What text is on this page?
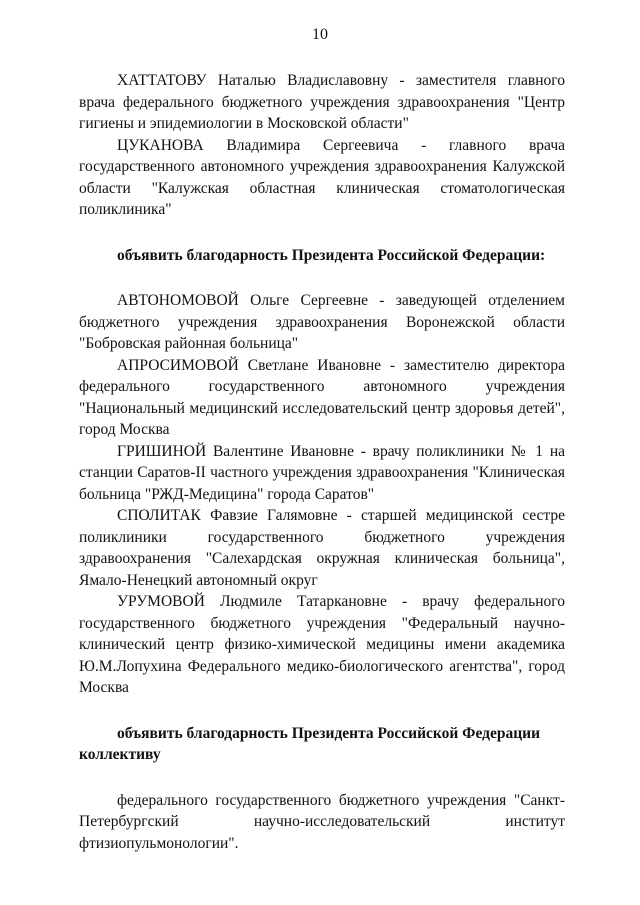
10

ХАТТАТОВУ Наталью Владиславовну - заместителя главного врача федерального бюджетного учреждения здравоохранения "Центр гигиены и эпидемиологии в Московской области"

ЦУКАНОВА Владимира Сергеевича - главного врача государственного автономного учреждения здравоохранения Калужской области "Калужская областная клиническая стоматологическая поликлиника"

объявить благодарность Президента Российской Федерации:

АВТОНОМОВОЙ Ольге Сергеевне - заведующей отделением бюджетного учреждения здравоохранения Воронежской области "Бобровская районная больница"

АПРОСИМОВОЙ Светлане Ивановне - заместителю директора федерального государственного автономного учреждения "Национальный медицинский исследовательский центр здоровья детей", город Москва

ГРИШИНОЙ Валентине Ивановне - врачу поликлиники № 1 на станции Саратов-II частного учреждения здравоохранения "Клиническая больница "РЖД-Медицина" города Саратов"

СПОЛИТАК Фавзие Галямовне - старшей медицинской сестре поликлиники государственного бюджетного учреждения здравоохранения "Салехардская окружная клиническая больница", Ямало-Ненецкий автономный округ

УРУМОВОЙ Людмиле Татаркановне - врачу федерального государственного бюджетного учреждения "Федеральный научно-клинический центр физико-химической медицины имени академика Ю.М.Лопухина Федерального медико-биологического агентства", город Москва

объявить благодарность Президента Российской Федерации коллективу

федерального государственного бюджетного учреждения "Санкт-Петербургский научно-исследовательский институт фтизиопульмонологии".
